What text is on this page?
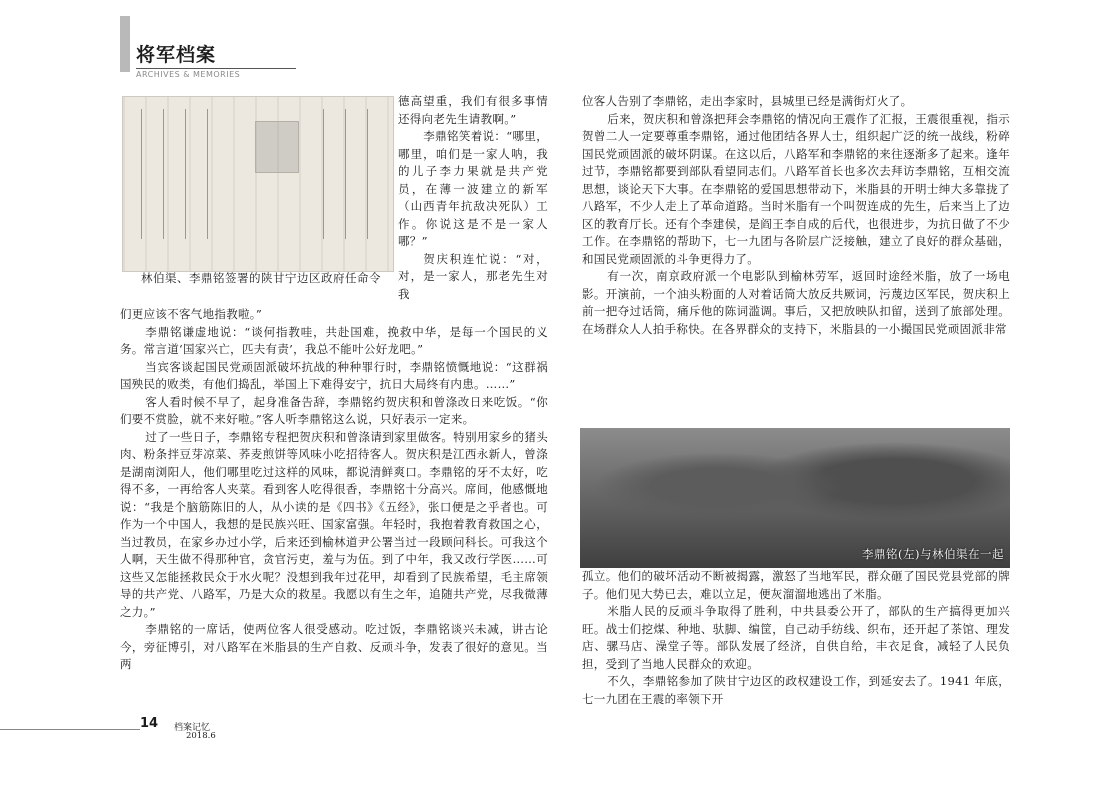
将军档案
ARCHIVES & MEMORIES
林伯渠、李鼎铭签署的陕甘宁边区政府任命令

德高望重，我们有很多事情还得向老先生请教啊。”

李鼎铭笑着说：“哪里，哪里，咱们是一家人呐，我的儿子李力果就是共产党员，在薄一波建立的新军（山西青年抗敌决死队）工作。你说这是不是一家人哪？”

贺庆积连忙说：“对，对，是一家人，那老先生对我

们更应该不客气地指教啦。”

李鼎铭谦虚地说：“谈何指教哇，共赴国难，挽救中华，是每一个国民的义务。常言道‘国家兴亡，匹夫有责’，我总不能叶公好龙吧。”

当宾客谈起国民党顽固派破坏抗战的种种罪行时，李鼎铭愤慨地说：“这群祸国殃民的败类，有他们捣乱，举国上下难得安宁，抗日大局终有内患。……”

客人看时候不早了，起身准备告辞，李鼎铭约贺庆积和曾涤改日来吃饭。“你们要不赏脸，就不来好啦。”客人听李鼎铭这么说，只好表示一定来。

过了一些日子，李鼎铭专程把贺庆积和曾涤请到家里做客。特别用家乡的猪头肉、粉条拌豆芽凉菜、荞麦煎饼等风味小吃招待客人。贺庆积是江西永新人，曾涤是湖南浏阳人，他们哪里吃过这样的风味，都说清鲜爽口。李鼎铭的牙不太好，吃得不多，一再给客人夹菜。看到客人吃得很香，李鼎铭十分高兴。席间，他感慨地说：“我是个脑筋陈旧的人，从小读的是《四书》《五经》，张口便是之乎者也。可作为一个中国人，我想的是民族兴旺、国家富强。年轻时，我抱着教育救国之心，当过教员，在家乡办过小学，后来还到榆林道尹公署当过一段顾问科长。可我这个人啊，天生做不得那种官，贪官污吏，羞与为伍。到了中年，我又改行学医……可这些又怎能拯救民众于水火呢？没想到我年过花甲，却看到了民族希望，毛主席领导的共产党、八路军，乃是大众的救星。我愿以有生之年，追随共产党，尽我微薄之力。”

李鼎铭的一席话，使两位客人很受感动。吃过饭，李鼎铭谈兴未减，讲古论今，旁征博引，对八路军在米脂县的生产自救、反顽斗争，发表了很好的意见。当两

位客人告别了李鼎铭，走出李家时，县城里已经是满街灯火了。

后来，贺庆积和曾涤把拜会李鼎铭的情况向王震作了汇报，王震很重视，指示贺曾二人一定要尊重李鼎铭，通过他团结各界人士，组织起广泛的统一战线，粉碎国民党顽固派的破坏阴谋。在这以后，八路军和李鼎铭的来往逐渐多了起来。逢年过节，李鼎铭都要到部队看望同志们。八路军首长也多次去拜访李鼎铭，互相交流思想，谈论天下大事。在李鼎铭的爱国思想带动下，米脂县的开明士绅大多靠拢了八路军，不少人走上了革命道路。当时米脂有一个叫贺连成的先生，后来当上了边区的教育厅长。还有个李建侯，是阎王李自成的后代，也很进步，为抗日做了不少工作。在李鼎铭的帮助下，七一九团与各阶层广泛接触，建立了良好的群众基础，和国民党顽固派的斗争更得力了。

有一次，南京政府派一个电影队到榆林劳军，返回时途经米脂，放了一场电影。开演前，一个油头粉面的人对着话筒大放反共厥词，污蔑边区军民，贺庆积上前一把夺过话筒，痛斥他的陈词滥调。事后，又把放映队扣留，送到了旅部处理。在场群众人人拍手称快。在各界群众的支持下，米脂县的一小撮国民党顽固派非常

李鼎铭(左)与林伯渠在一起

孤立。他们的破坏活动不断被揭露，激怒了当地军民，群众砸了国民党县党部的牌子。他们见大势已去，难以立足，便灰溜溜地逃出了米脂。

米脂人民的反顽斗争取得了胜利，中共县委公开了，部队的生产搞得更加兴旺。战士们挖煤、种地、驮脚、编筐，自己动手纺线、织布，还开起了茶馆、理发店、骡马店、澡堂子等。部队发展了经济，自供自给，丰衣足食，减轻了人民负担，受到了当地人民群众的欢迎。

不久，李鼎铭参加了陕甘宁边区的政权建设工作，到延安去了。1941 年底，七一九团在王震的率领下开

14 档案记忆
2018.6
